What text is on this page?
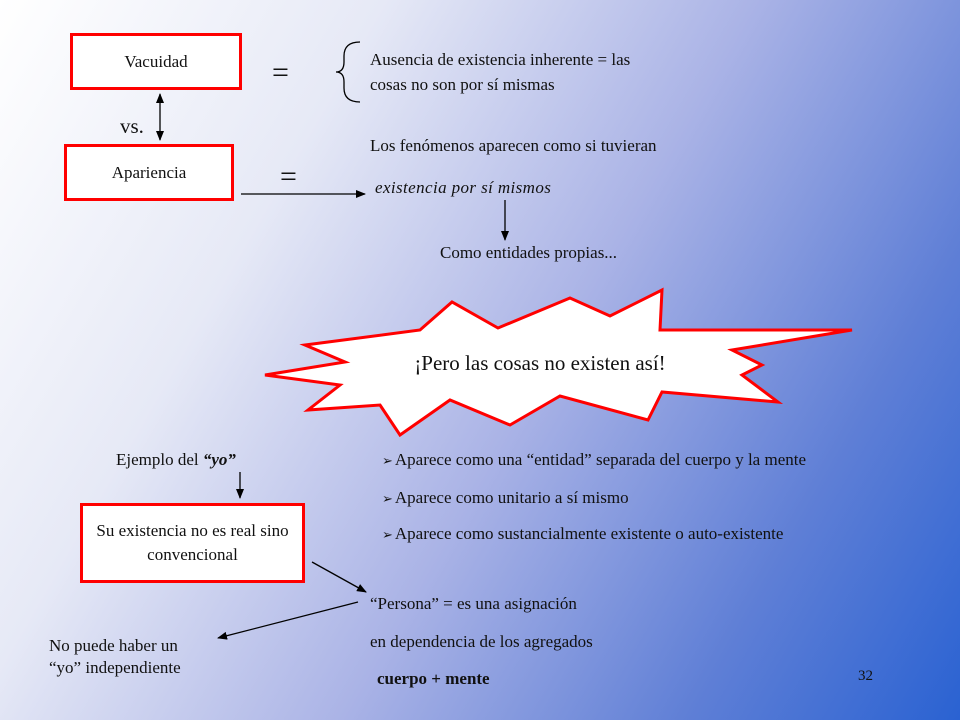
Vacuidad
vs.
Apariencia
=
=
Ausencia de existencia inherente = las
cosas no son por sí mismas
Los fenómenos aparecen como si tuvieran
existencia por sí mismos
Como entidades propias...
¡Pero las cosas no existen así!
Ejemplo del “yo”
Su existencia no es real sino convencional
➢ Aparece como una “entidad” separada del cuerpo y la mente
➢ Aparece como unitario a sí mismo
➢ Aparece como sustancialmente existente o auto-existente
“Persona” = es una asignación
en dependencia de los agregados
cuerpo + mente
No puede haber un
“yo” independiente	32
